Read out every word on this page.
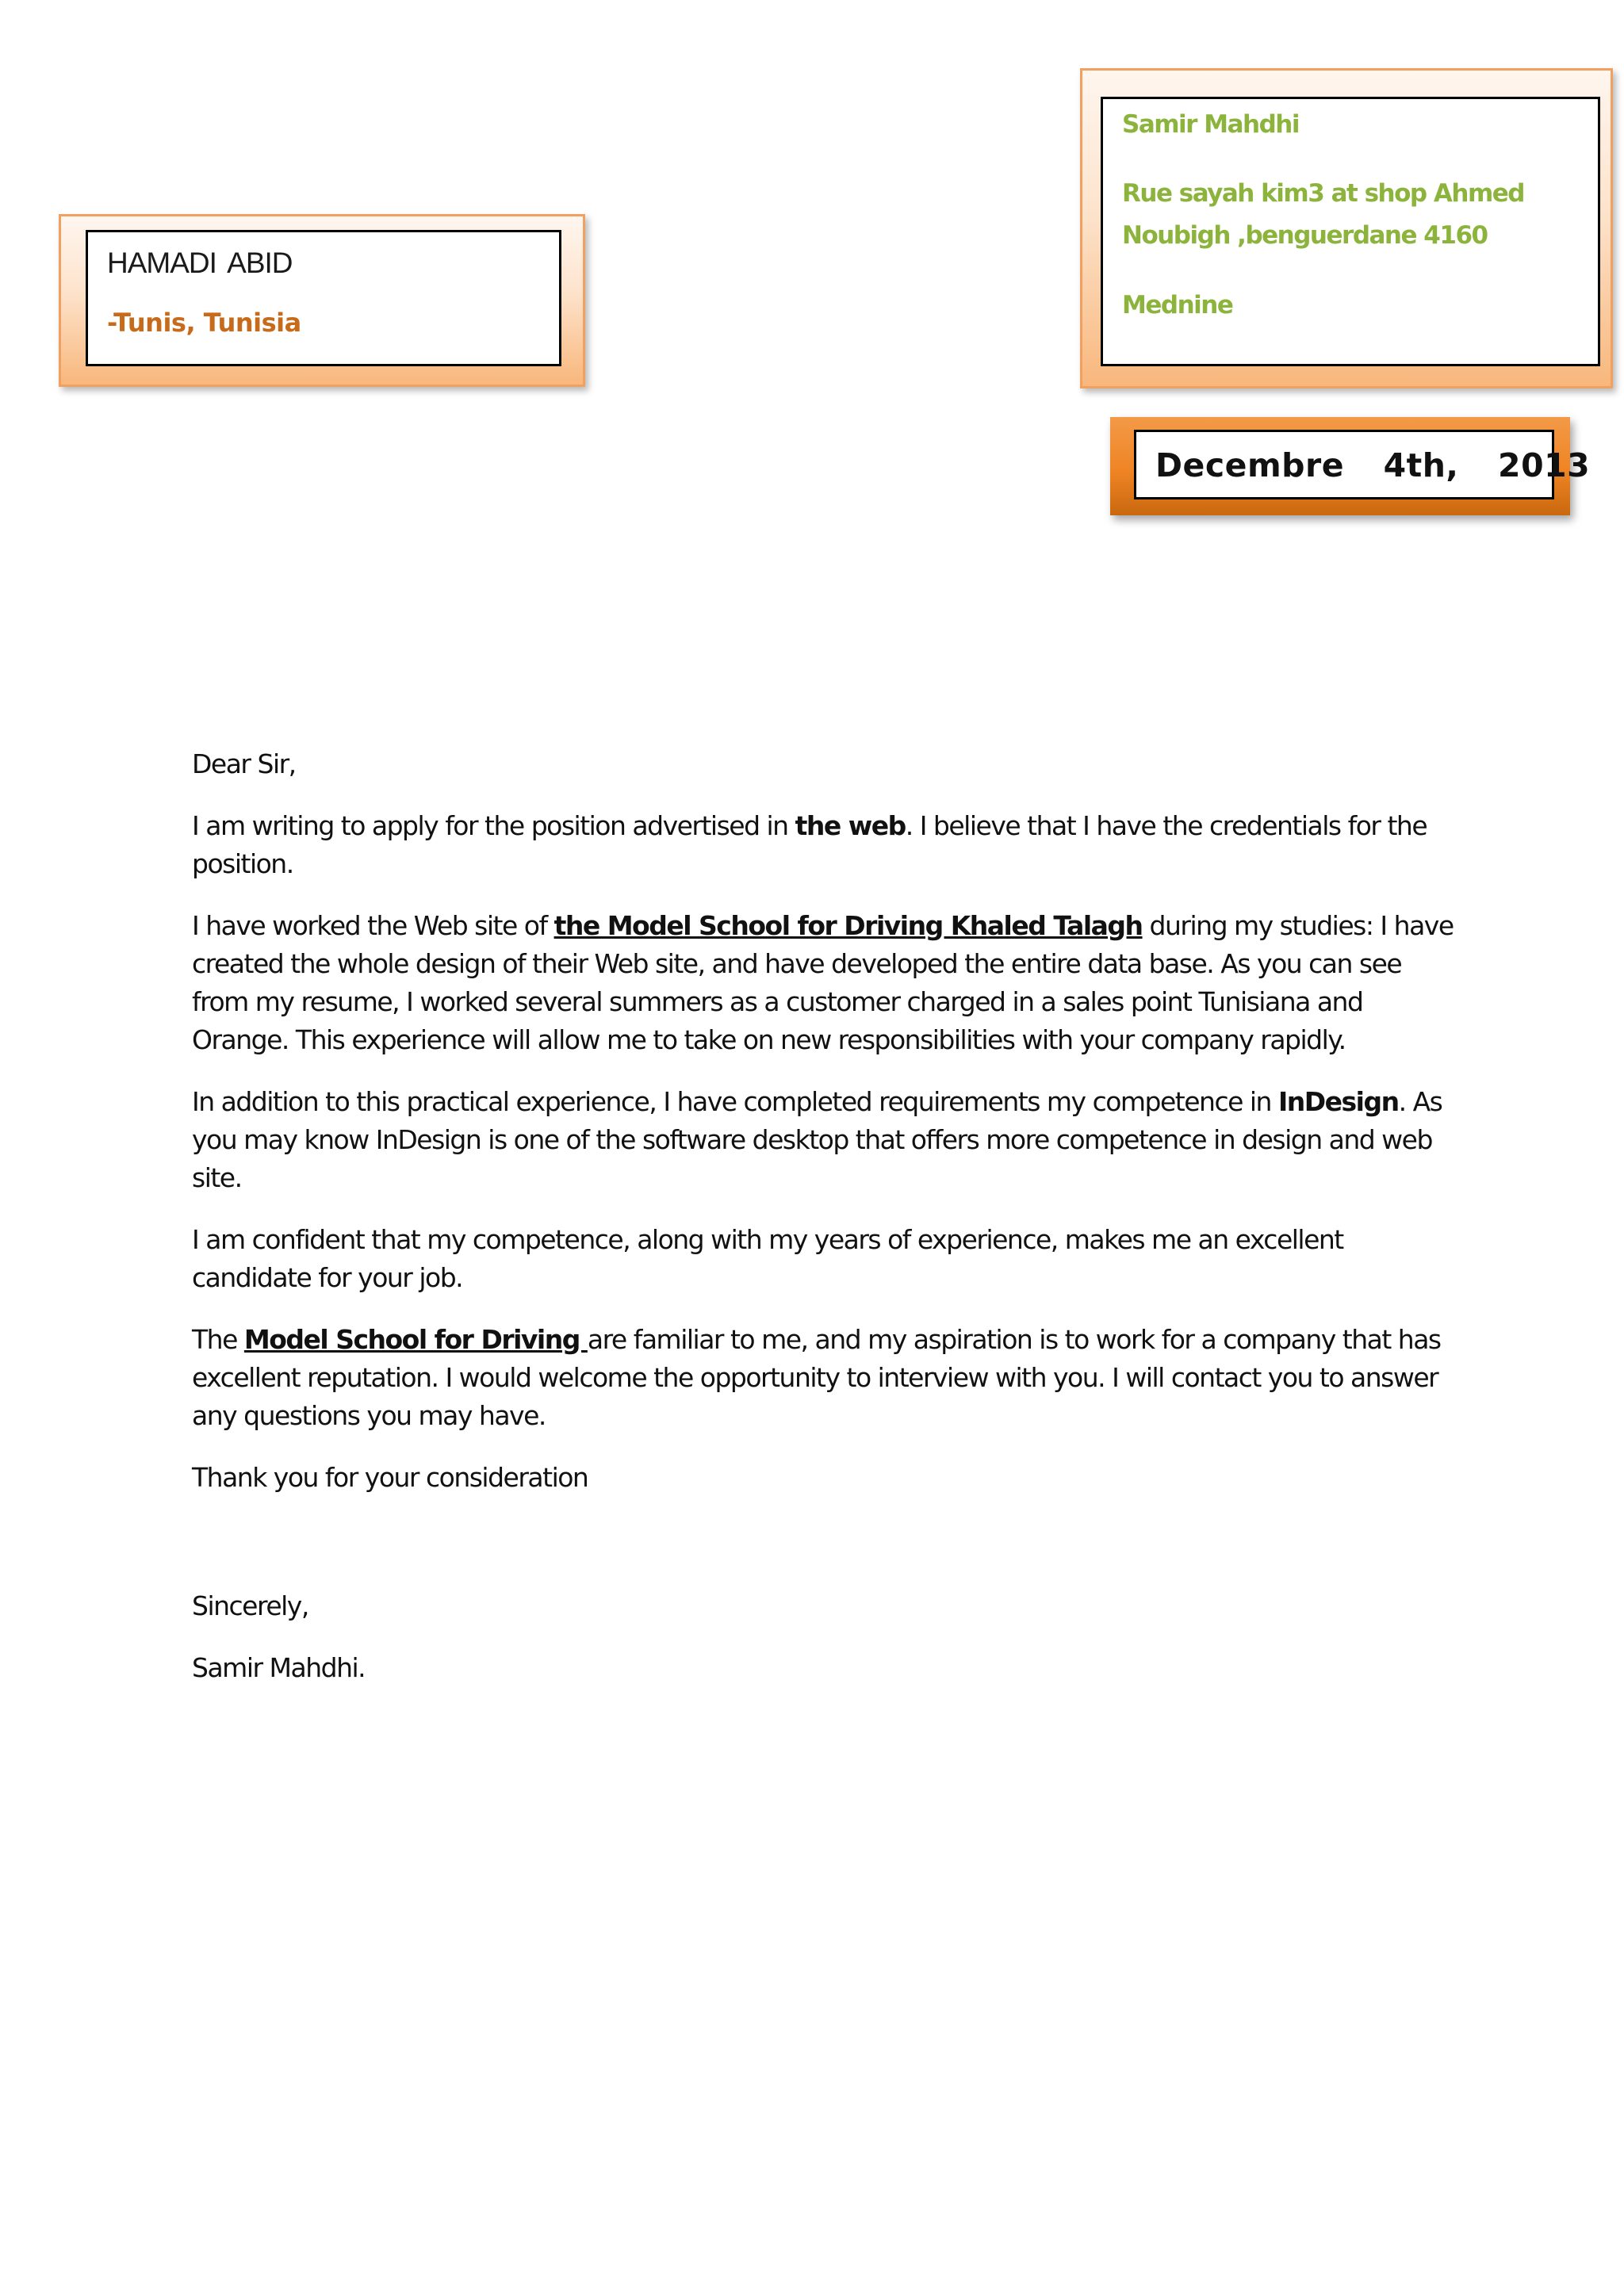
HAMADI ABID
-Tunis, Tunisia
Samir Mahdhi
Rue sayah kim3 at shop Ahmed
Noubigh ,benguerdane 4160
Mednine
Decembre  4th,  2013

Dear Sir,

I am writing to apply for the position advertised in the web. I believe that I have the credentials for the position.

I have worked the Web site of the Model School for Driving Khaled Talagh during my studies: I have created the whole design of their Web site, and have developed the entire data base. As you can see from my resume, I worked several summers as a customer charged in a sales point Tunisiana and Orange. This experience will allow me to take on new responsibilities with your company rapidly.

In addition to this practical experience, I have completed requirements my competence in InDesign. As you may know InDesign is one of the software desktop that offers more competence in design and web site.

I am confident that my competence, along with my years of experience, makes me an excellent candidate for your job.

The Model School for Driving are familiar to me, and my aspiration is to work for a company that has excellent reputation. I would welcome the opportunity to interview with you. I will contact you to answer any questions you may have.

Thank you for your consideration

Sincerely,

Samir Mahdhi.
